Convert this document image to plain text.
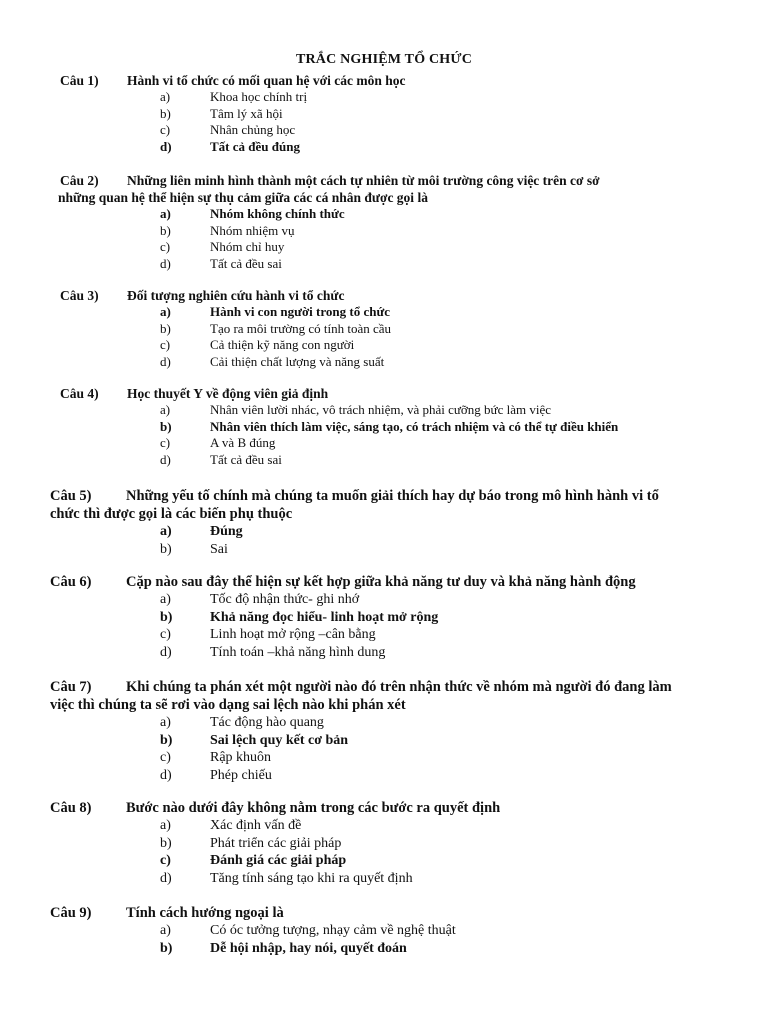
TRẮC NGHIỆM TỔ CHỨC
Câu 1)	Hành vi tổ chức có mối quan hệ với các môn học
a)	Khoa học chính trị
b)	Tâm lý xã hội
c)	Nhân chủng học
d)	Tất cả đều đúng
Câu 2)	Những liên minh hình thành một cách tự nhiên từ môi trường công việc trên cơ sở
những quan hệ thể hiện sự thụ cảm giữa các cá nhân được gọi là
a)	Nhóm không chính thức
b)	Nhóm nhiệm vụ
c)	Nhóm chỉ huy
d)	Tất cả đều sai
Câu 3)	Đối tượng nghiên cứu hành vi tổ chức
a)	Hành vi con người trong tổ chức
b)	Tạo ra môi trường có tính toàn cầu
c)	Cả thiện kỹ năng con người
d)	Cải thiện chất lượng và năng suất
Câu 4)	Học thuyết Y về động viên giả định
a)	Nhân viên lười nhác, vô trách nhiệm, và phải cưỡng bức làm việc
b)	Nhân viên thích làm việc, sáng tạo, có trách nhiệm và có thể tự điều khiển
c)	A và B đúng
d)	Tất cả đều sai
Câu 5)	Những yếu tố chính mà chúng ta muốn giải thích hay dự báo trong mô hình hành vi tổ
chức thì được gọi là các biến phụ thuộc
a)	Đúng
b)	Sai
Câu 6)	Cặp nào sau đây thể hiện sự kết hợp giữa khả năng tư duy và khả năng hành động
a)	Tốc độ nhận thức- ghi nhớ
b)	Khả năng đọc hiểu- linh hoạt mở rộng
c)	Linh hoạt mở rộng –cân bằng
d)	Tính toán –khả năng hình dung
Câu 7)	Khi chúng ta phán xét một người nào đó trên nhận thức về nhóm mà người đó đang làm
việc thì chúng ta sẽ rơi vào dạng sai lệch nào khi phán xét
a)	Tác động hào quang
b)	Sai lệch quy kết cơ bản
c)	Rập khuôn
d)	Phép chiếu
Câu 8)	Bước nào dưới đây không nằm trong các bước ra quyết định
a)	Xác định vấn đề
b)	Phát triển các giải pháp
c)	Đánh giá các giải pháp
d)	Tăng tính sáng tạo khi ra quyết định
Câu 9)	Tính cách hướng ngoại là
a)	Có óc tưởng tượng, nhạy cảm về nghệ thuật
b)	Dễ hội nhập, hay nói, quyết đoán
